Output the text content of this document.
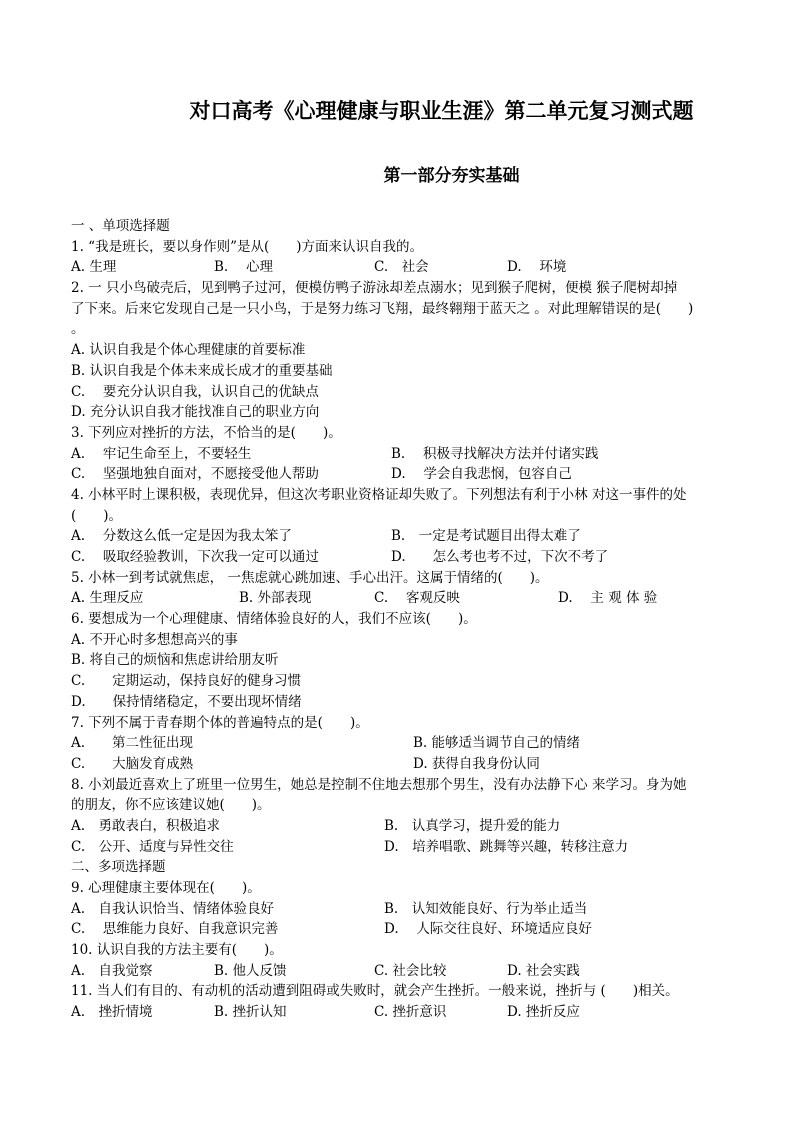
对口高考《心理健康与职业生涯》第二单元复习测式题
第一部分夯实基础
一 、单项选择题
1. “我是班长，要以身作则”是从(　　)方面来认识自我的。
A. 生理	B.　 心理	C.　社会	D.　 环境
2. 一 只小鸟破壳后，见到鸭子过河，便模仿鸭子游泳却差点溺水；见到猴子爬树，便模 猴子爬树却掉
了下来。后来它发现自己是一只小鸟，于是努力练习飞翔，最终翱翔于蓝天之 。对此理解错误的是(　　)
。
A. 认识自我是个体心理健康的首要标准
B. 认识自我是个体未来成长成才的重要基础
C.　 要充分认识自我，认识自己的优缺点
D. 充分认识自我才能找准自己的职业方向
3. 下列应对挫折的方法，不恰当的是(　　)。
A.　 牢记生命至上，不要轻生	B.　 积极寻找解决方法并付诸实践
C.　 坚强地独自面对，不愿接受他人帮助	D.　 学会自我悲悯，包容自己
4. 小林平时上课积极，表现优异，但这次考职业资格证却失败了。下列想法有利于小林 对这一事件的处
(　　)。
A.　 分数这么低一定是因为我太笨了	B.　一定是考试题目出得太难了
C.　 吸取经验教训，下次我一定可以通过	D.　　怎么考也考不过，下次不考了
5. 小林一到考试就焦虑， 一焦虑就心跳加速、手心出汗。这属于情绪的(　　)。
A. 生理反应	B. 外部表现	C.　 客观反映	D.　 主 观 体 验
6. 要想成为一个心理健康、情绪体验良好的人，我们不应该(　　)。
A. 不开心时多想想高兴的事
B. 将自己的烦恼和焦虑讲给朋友听
C.　　定期运动，保持良好的健身习惯
D.　　保持情绪稳定，不要出现坏情绪
7. 下列不属于青春期个体的普遍特点的是(　　)。
A.　　第二性征出现	B. 能够适当调节自己的情绪
C.　　大脑发育成熟	D. 获得自我身份认同
8. 小刘最近喜欢上了班里一位男生，她总是控制不住地去想那个男生，没有办法静下心 来学习。身为她
的朋友，你不应该建议她(　　)。
A.　勇敢表白，积极追求	B.　认真学习，提升爱的能力
C.　公开、适度与异性交往	D.　培养唱歌、跳舞等兴趣，转移注意力
二、多项选择题
9. 心理健康主要体现在(　　)。
A.　自我认识恰当、情绪体验良好	B.　认知效能良好、行为举止适当
C.　 思维能力良好、自我意识完善	D.　 人际交往良好、环境适应良好
10. 认识自我的方法主要有(　　)。
A.　自我觉察	B. 他人反馈	C. 社会比较	D. 社会实践
11. 当人们有目的、有动机的活动遭到阻碍或失败时，就会产生挫折。一般来说，挫折与 (　　)相关。
A.　挫折情境	B. 挫折认知	C. 挫折意识	D. 挫折反应
